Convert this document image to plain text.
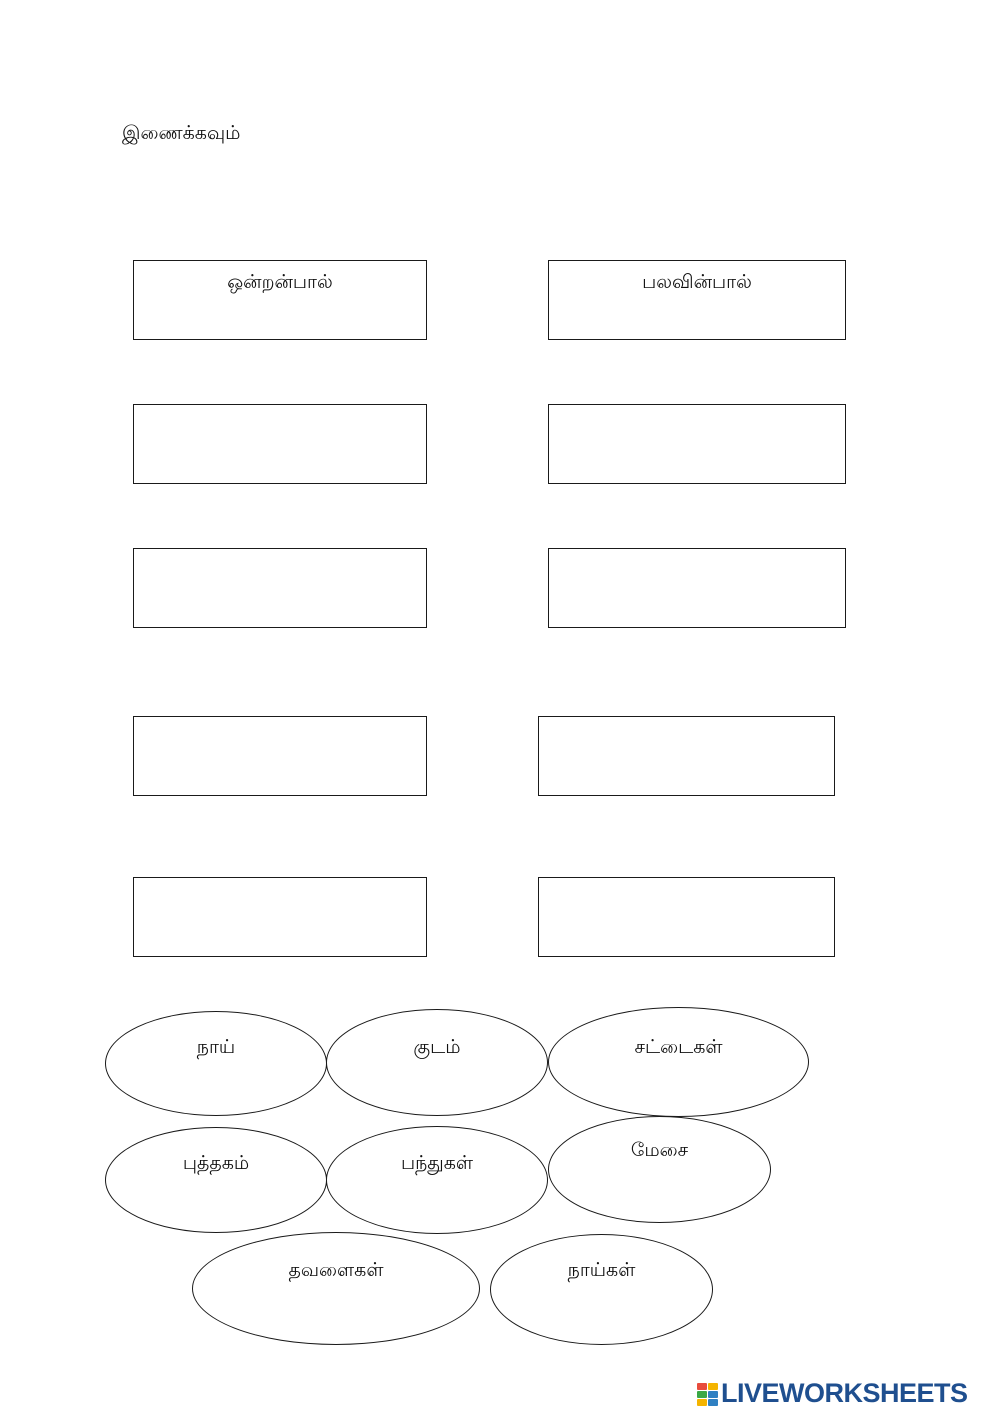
இணைக்கவும்
ஒன்றன்பால்	பலவின்பால்
நாய்	குடம்	சட்டைகள்
புத்தகம்	பந்துகள்
மேசை
தவளைகள்	நாய்கள்
LIVEWORKSHEETS
